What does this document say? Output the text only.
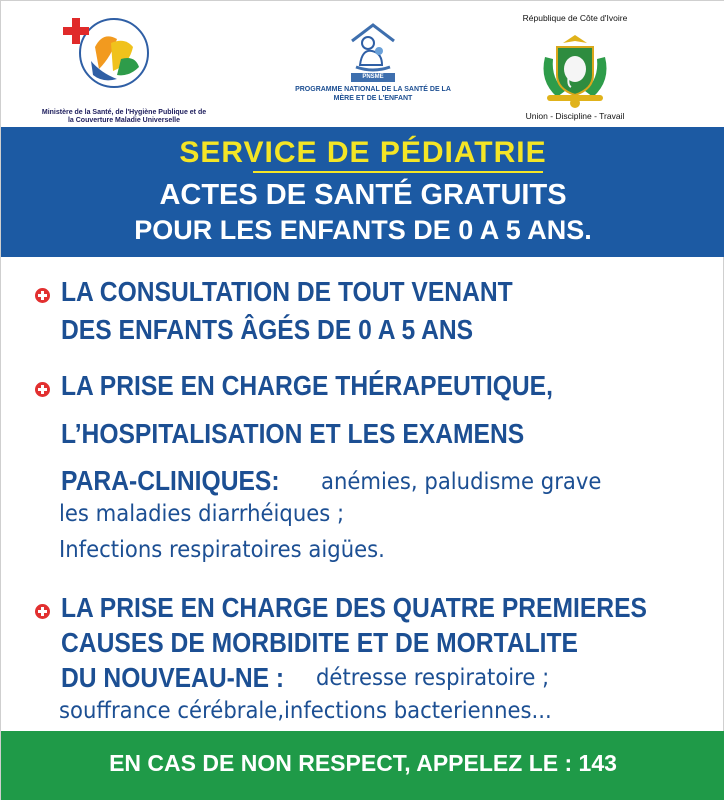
Ministère de la Santé, de l'Hygiène Publique et de la Couverture Maladie Universelle
PNSME
PROGRAMME NATIONAL DE LA SANTÉ DE LA MÈRE ET DE L'ENFANT
République de Côte d'Ivoire
Union - Discipline - Travail
SERVICE DE PÉDIATRIE
ACTES DE SANTÉ GRATUITS
POUR LES ENFANTS DE 0 A 5 ANS.
LA CONSULTATION DE TOUT VENANT
DES ENFANTS ÂGÉS DE 0 A 5 ANS
LA PRISE EN CHARGE THÉRAPEUTIQUE,
L’HOSPITALISATION ET LES EXAMENS
PARA-CLINIQUES: anémies, paludisme grave
les maladies diarrhéiques ;
Infections respiratoires aigües.
LA PRISE EN CHARGE DES QUATRE PREMIERES
CAUSES DE MORBIDITE ET DE MORTALITE
DU NOUVEAU-NE : détresse respiratoire ;
souffrance cérébrale,infections bacteriennes...
EN CAS DE NON RESPECT, APPELEZ LE : 143
